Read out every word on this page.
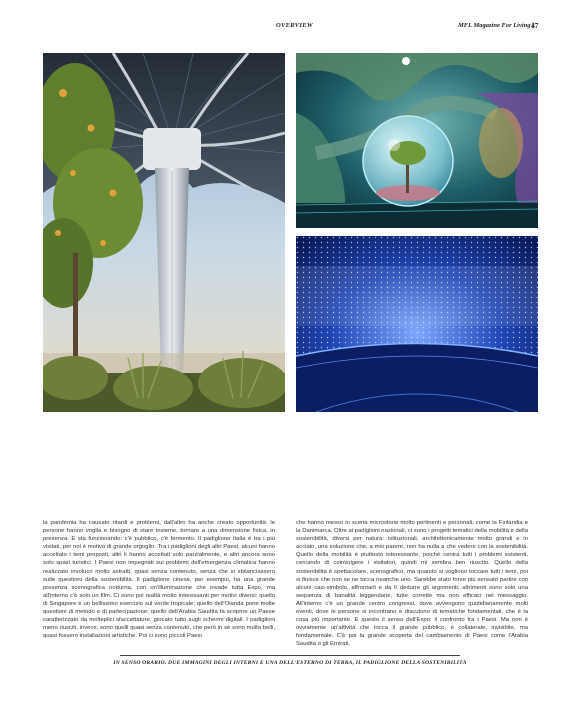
OVERVIEW	MFL Magazine For Living |
47

la pandemia ha causato ritardi e problemi, dall'altro ha anche creato opportunità: le persone hanno voglia e bisogno di stare insieme, tornare a una dimensione fisica, in presenza. E sta funzionando: c'è pubblico, c'è fermento. Il padiglione Italia è tra i più visitati, per noi è motivo di grande orgoglio. Tra i padiglioni degli altri Paesi, alcuni hanno accettato i temi proposti, altri li hanno accettati solo parzialmente, e altri ancora sono solo spazi turistici. I Paesi non impegnati sui problemi dell'emergenza climatica hanno realizzato involucri molto astratti, quasi senza contenuto, senza che si sbilanciassero sulle questioni della sostenibilità. Il padiglione cinese, per esempio, ha una grande presenza scenografica notturna, con un'illuminazione che invade tutta Expo, ma all'interno c'è solo un film. Ci sono poi realtà molto interessanti per motivi diversi: quello di Singapore è un bellissimo esercizio sul verde tropicale; quello dell'Olanda pone molte questioni di metodo e di partecipazione; quello dell'Arabia Saudita fa scoprire un Paese caratterizzato da molteplici sfaccettature, giocato tutto sugli schermi digitali. I padiglioni meno riusciti, invece, sono quelli quasi senza contenuto, che però in sé sono molto belli, quasi fossero installazioni artistiche. Poi ci sono piccoli Paesi

che hanno messo in scena microstorie molto pertinenti e personali, come la Finlandia e la Danimarca. Oltre ai padiglioni nazionali, ci sono i progetti tematici della mobilità e della sostenibilità, diversi per natura: istituzionali, architettonicamente molto grandi e in acciaio, una soluzione che, a mio parere, non ha nulla a che vedere con la sostenibilità. Quello della mobilità è piuttosto interessante, poiché centra tutti i problemi esistenti, cercando di coinvolgere i visitatori, quindi mi sembra ben riuscito. Quello della sostenibilità è spettacolare, scenografico, ma quando si vogliono toccare tutti i temi, poi si finisce che non se ne tocca neanche uno. Sarebbe stato forse più sensato partire con alcuni casi-simbolo, affrontarli e da lì dedurre gli argomenti, altrimenti sono solo una sequenza di banalità leggendarie, tutte corrette ma non efficaci nel messaggio. All'interno c'è un grande centro congressi, dove avvengono quotidianamente molti eventi, dove le persone si incontrano e discutono di tematiche fondamentali, che è la cosa più importante. E questo il senso dell'Expo: il confronto tra i Paesi. Ma non è ovviamente un'attività che tocca il grande pubblico, è collaterale, invisibile, ma fondamentale. C'è poi la grande scoperta del cambiamento di Paesi come l'Arabia Saudita o gli Emirati,

IN SENSO ORARIO. DUE IMMAGINI DEGLI INTERNI E UNA DELL'ESTERNO DI TERRA, IL PADIGLIONE DELLA SOSTENIBILITÀ
